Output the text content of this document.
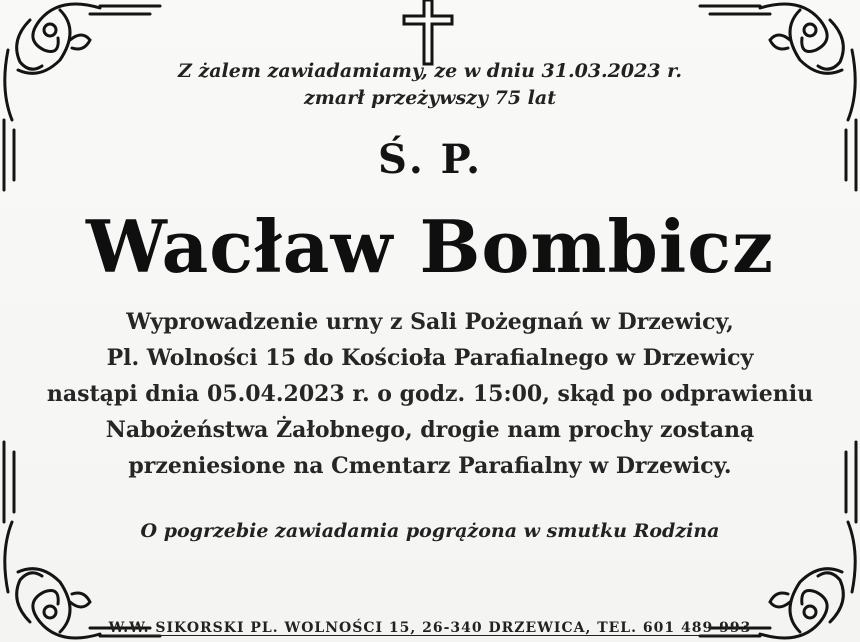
Z żalem zawiadamiamy, ze w dniu 31.03.2023 r.
zmarł przeżywszy 75 lat
Ś. P.
Wacław Bombicz
Wyprowadzenie urny z Sali Pożegnań w Drzewicy,
Pl. Wolności 15 do Kościoła Parafialnego w Drzewicy
nastąpi dnia 05.04.2023 r. o godz. 15:00, skąd po odprawieniu
Nabożeństwa Żałobnego, drogie nam prochy zostaną
przeniesione na Cmentarz Parafialny w Drzewicy.
O pogrzebie zawiadamia pogrążona w smutku Rodzina
W.W. SIKORSKI PL. WOLNOŚCI 15, 26-340 DRZEWICA, TEL. 601 489 993
